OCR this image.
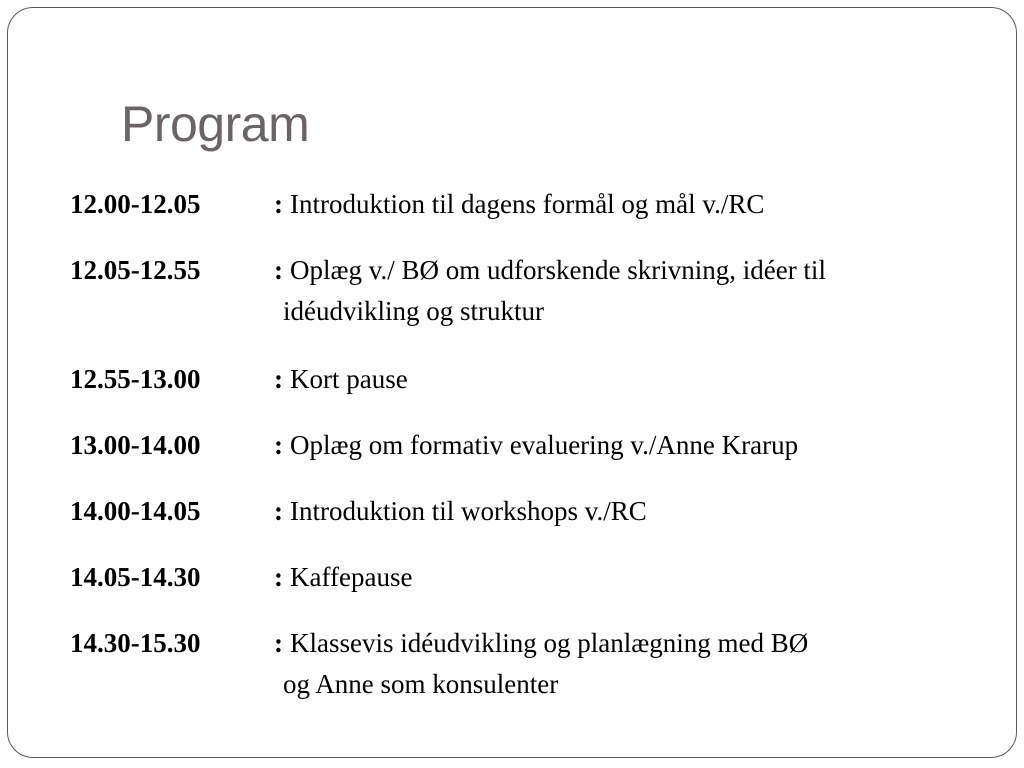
Program
12.00-12.05	: Introduktion til dagens formål og mål v./RC
12.05-12.55	: Oplæg v./ BØ om udforskende skrivning, idéer til
idéudvikling og struktur
12.55-13.00	: Kort pause
13.00-14.00	: Oplæg om formativ evaluering v./Anne Krarup
14.00-14.05	: Introduktion til workshops v./RC
14.05-14.30	: Kaffepause
14.30-15.30	: Klassevis idéudvikling og planlægning med BØ
og Anne som konsulenter
